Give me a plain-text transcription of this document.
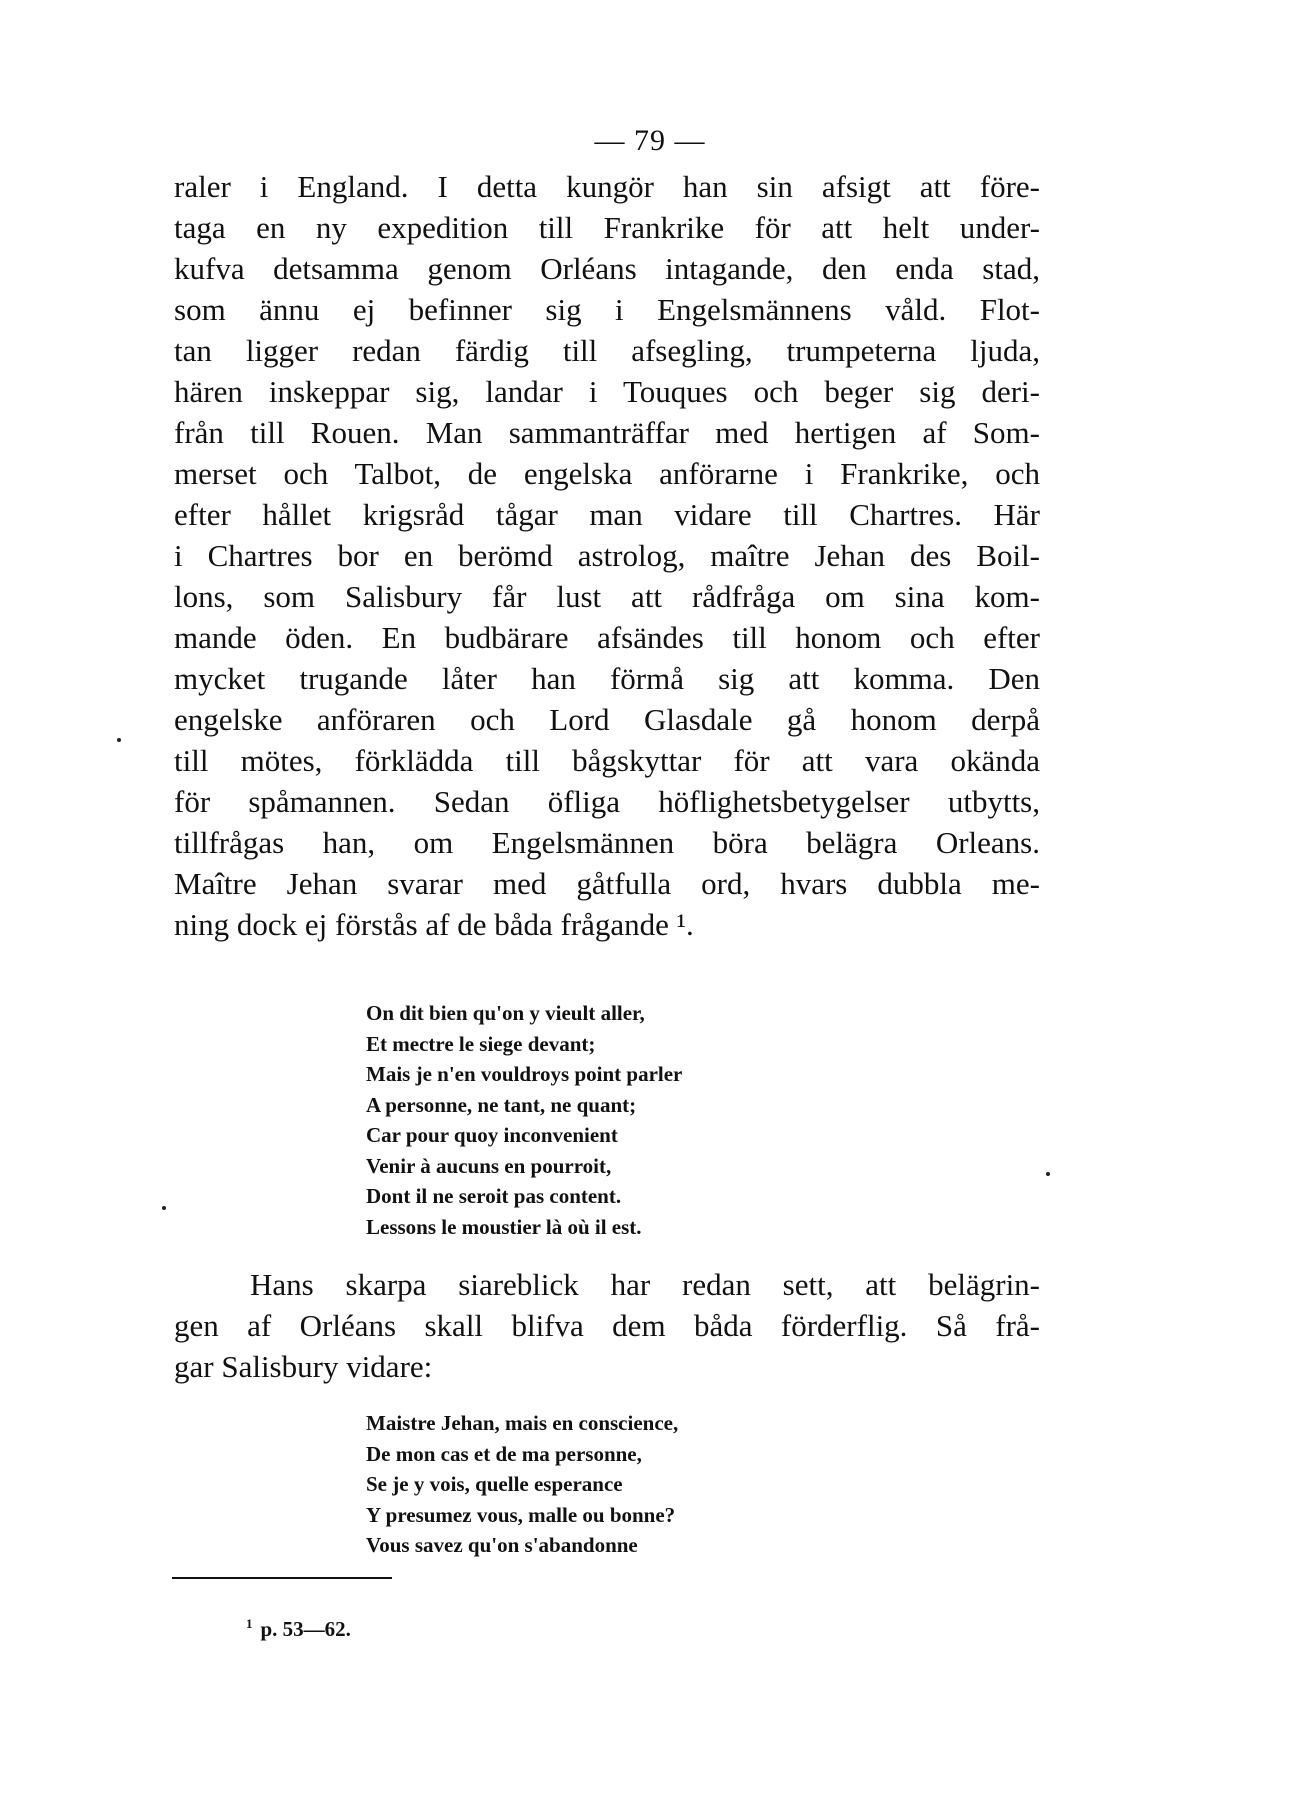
— 79 —
raler i England. I detta kungör han sin afsigt att före-
taga en ny expedition till Frankrike för att helt under-
kufva detsamma genom Orléans intagande, den enda stad,
som ännu ej befinner sig i Engelsmännens våld. Flot-
tan ligger redan färdig till afsegling, trumpeterna ljuda,
hären inskeppar sig, landar i Touques och beger sig deri-
från till Rouen. Man sammanträffar med hertigen af Som-
merset och Talbot, de engelska anförarne i Frankrike, och
efter hållet krigsråd tågar man vidare till Chartres. Här
i Chartres bor en berömd astrolog, maître Jehan des Boil-
lons, som Salisbury får lust att rådfråga om sina kom-
mande öden. En budbärare afsändes till honom och efter
mycket trugande låter han förmå sig att komma. Den
engelske anföraren och Lord Glasdale gå honom derpå
till mötes, förklädda till bågskyttar för att vara okända
för spåmannen. Sedan öfliga höflighetsbetygelser utbytts,
tillfrågas han, om Engelsmännen böra belägra Orleans.
Maître Jehan svarar med gåtfulla ord, hvars dubbla me-
ning dock ej förstås af de båda frågande ¹.
On dit bien qu'on y vieult aller,
Et mectre le siege devant;
Mais je n'en vouldroys point parler
A personne, ne tant, ne quant;
Car pour quoy inconvenient
Venir à aucuns en pourroit,
Dont il ne seroit pas content.
Lessons le moustier là où il est.
Hans skarpa siareblick har redan sett, att belägrin-
gen af Orléans skall blifva dem båda förderflig. Så frå-
gar Salisbury vidare:
Maistre Jehan, mais en conscience,
De mon cas et de ma personne,
Se je y vois, quelle esperance
Y presumez vous, malle ou bonne?
Vous savez qu'on s'abandonne
$^1$ p. 53—62.
